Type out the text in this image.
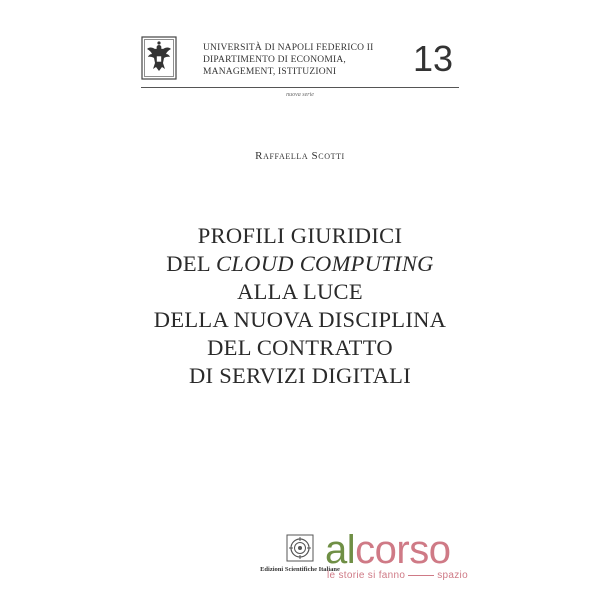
UNIVERSITÀ DI NAPOLI FEDERICO II
DIPARTIMENTO DI ECONOMIA,
MANAGEMENT, ISTITUZIONI	13
nuova serie
Raffaella Scotti
PROFILI GIURIDICI
DEL CLOUD COMPUTING
ALLA LUCE
DELLA NUOVA DISCIPLINA
DEL CONTRATTO
DI SERVIZI DIGITALI
Edizioni Scientifiche Italiane
alcorso
le storie si fanno	spazio
